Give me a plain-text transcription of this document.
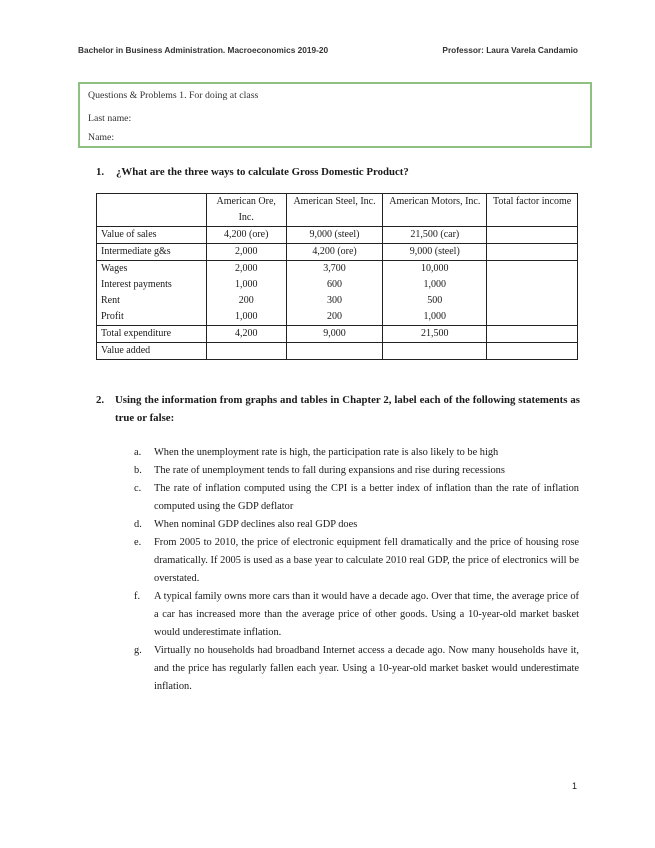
Bachelor in Business Administration. Macroeconomics 2019-20	Professor: Laura Varela Candamio
Questions & Problems 1. For doing at class
Last name:
Name:
1. ¿What are the three ways to calculate Gross Domestic Product?
	American Ore, Inc.	American Steel, Inc.	American Motors, Inc.	Total factor income
Value of sales	4,200 (ore)	9,000 (steel)	21,500 (car)	
Intermediate g&s	2,000	4,200 (ore)	9,000 (steel)	
Wages	2,000	3,700	10,000	
Interest payments	1,000	600	1,000	
Rent	200	300	500	
Profit	1,000	200	1,000	
Total expenditure	4,200	9,000	21,500	
Value added				
2. Using the information from graphs and tables in Chapter 2, label each of the following statements as true or false:
a. When the unemployment rate is high, the participation rate is also likely to be high
b. The rate of unemployment tends to fall during expansions and rise during recessions
c. The rate of inflation computed using the CPI is a better index of inflation than the rate of inflation computed using the GDP deflator
d. When nominal GDP declines also real GDP does
e. From 2005 to 2010, the price of electronic equipment fell dramatically and the price of housing rose dramatically. If 2005 is used as a base year to calculate 2010 real GDP, the price of electronics will be overstated.
f. A typical family owns more cars than it would have a decade ago. Over that time, the average price of a car has increased more than the average price of other goods. Using a 10-year-old market basket would underestimate inflation.
g. Virtually no households had broadband Internet access a decade ago. Now many households have it, and the price has regularly fallen each year. Using a 10-year-old market basket would underestimate inflation.
1
